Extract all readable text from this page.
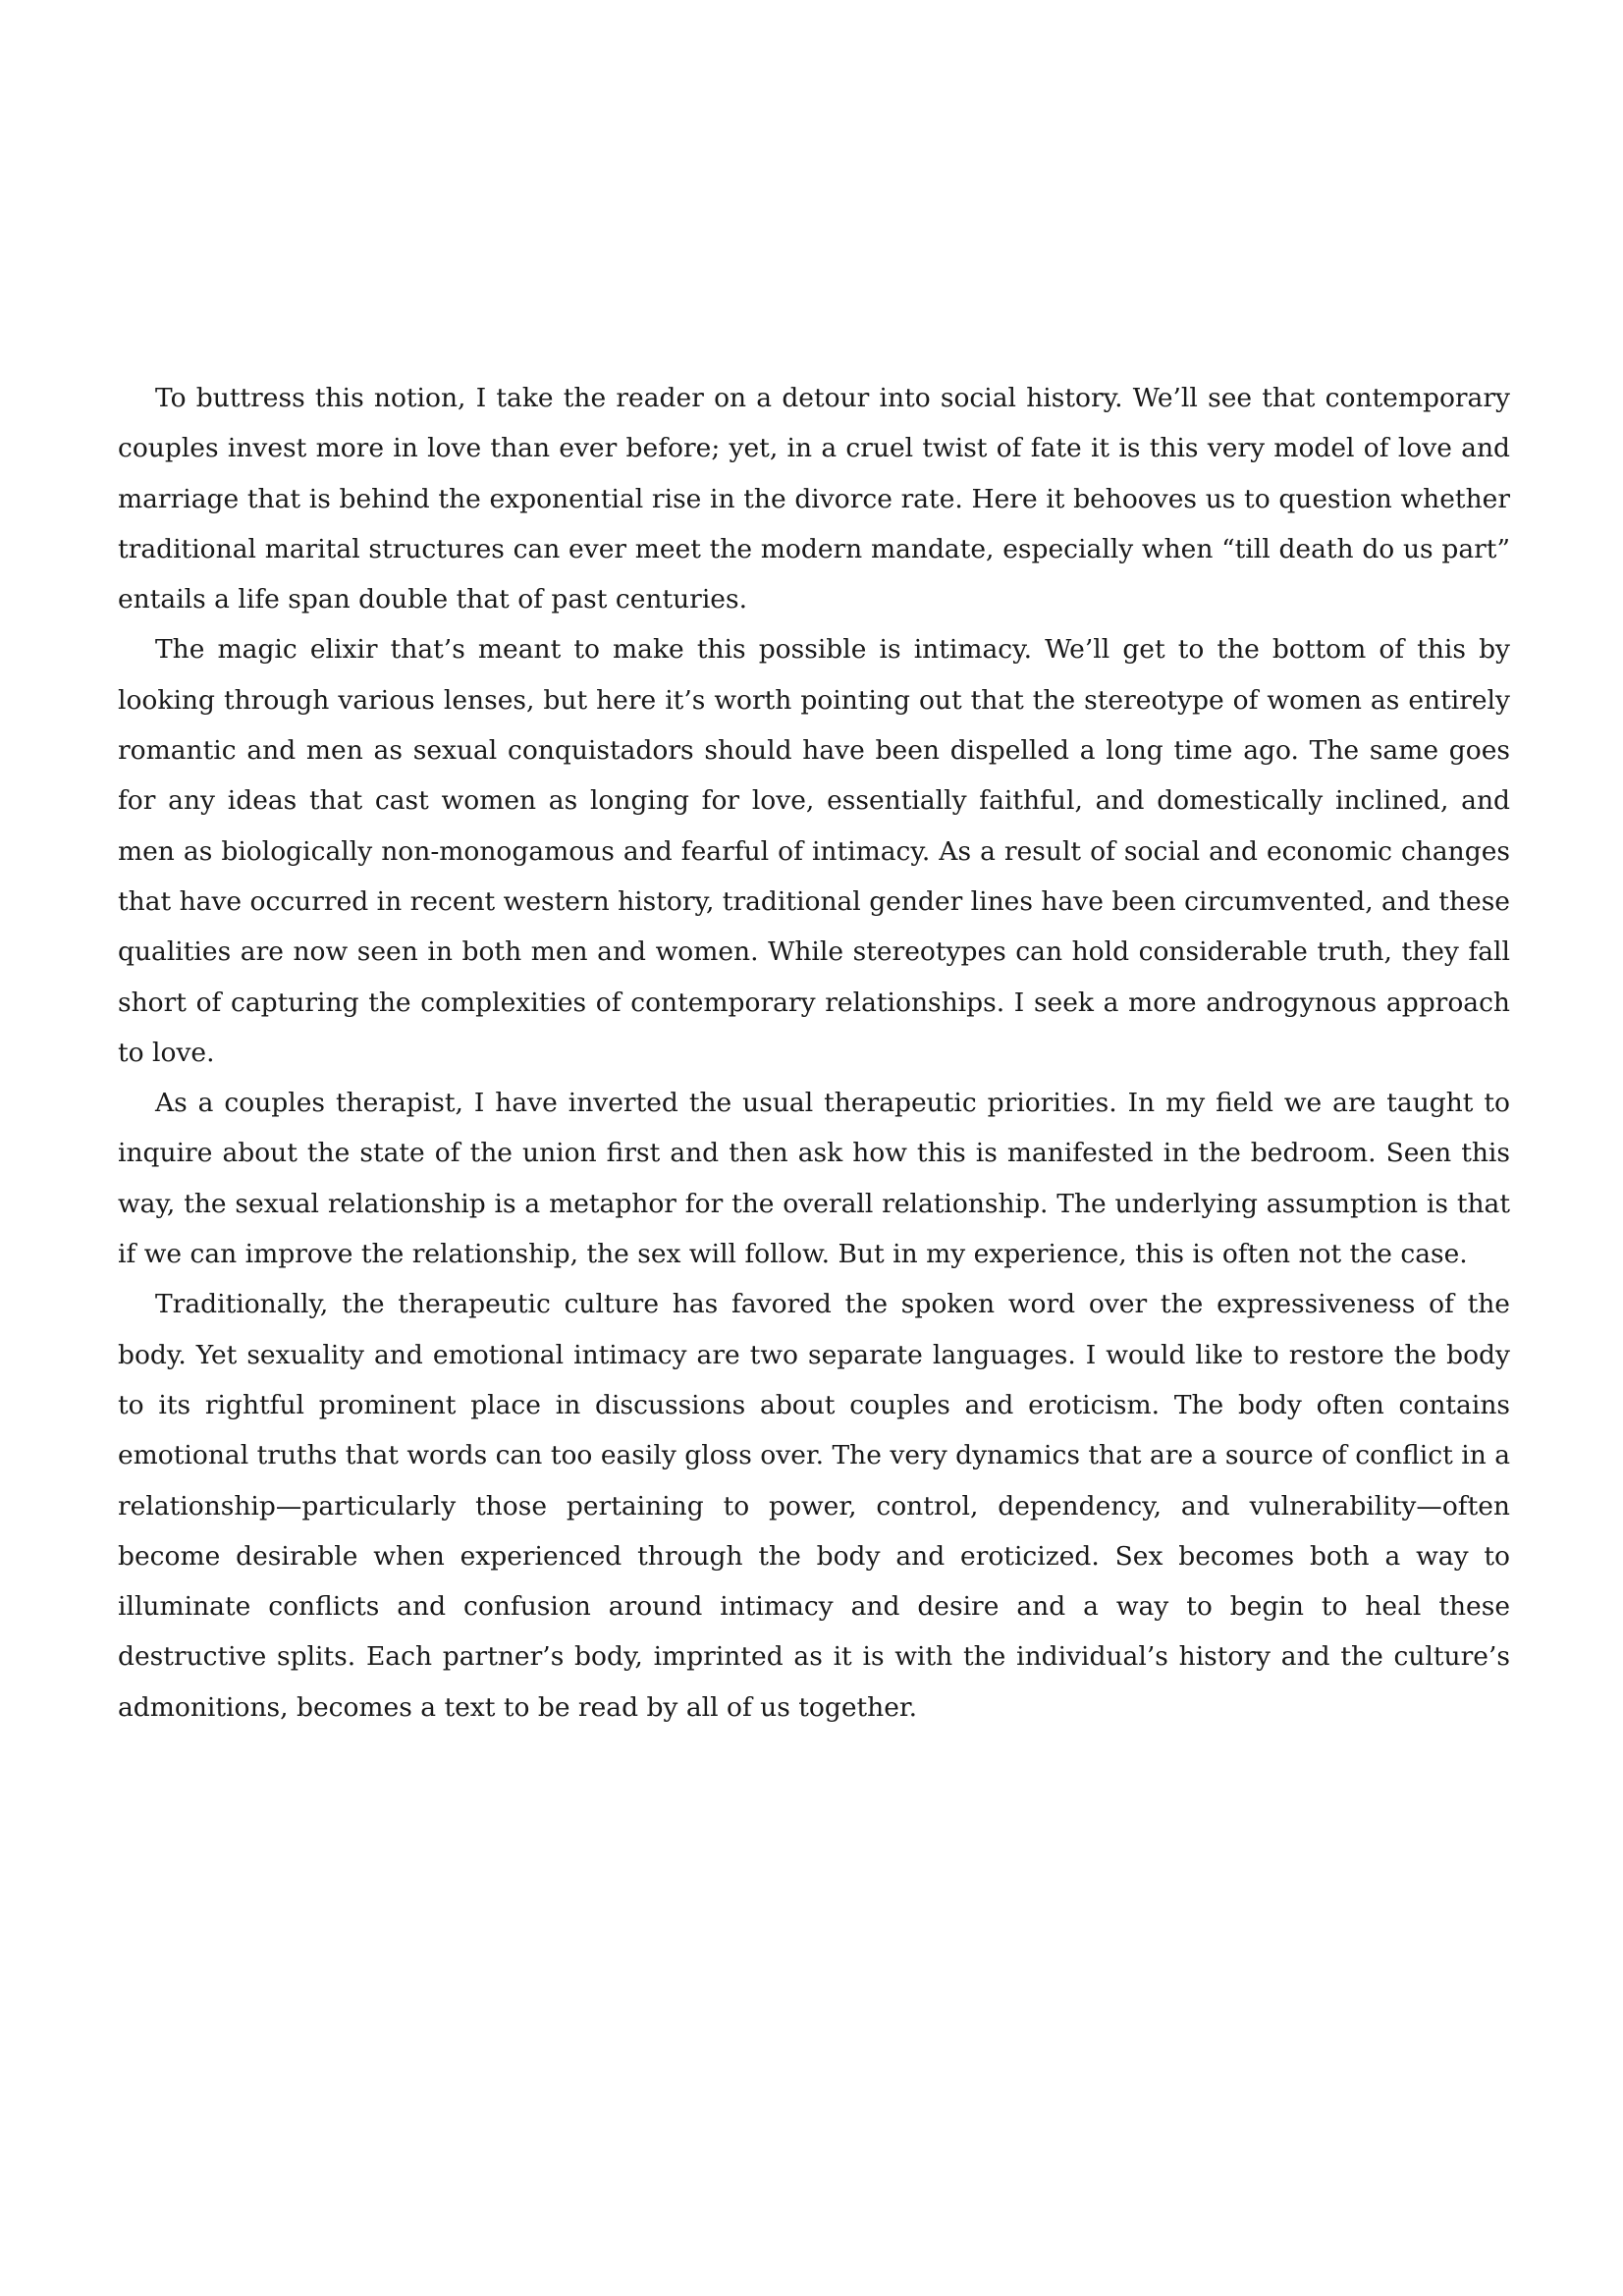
To buttress this notion, I take the reader on a detour into social history. We’ll see that contemporary couples invest more in love than ever before; yet, in a cruel twist of fate it is this very model of love and marriage that is behind the exponential rise in the divorce rate. Here it behooves us to question whether traditional marital structures can ever meet the modern mandate, especially when “till death do us part” entails a life span double that of past centuries.

The magic elixir that’s meant to make this possible is intimacy. We’ll get to the bottom of this by looking through various lenses, but here it’s worth pointing out that the stereotype of women as entirely romantic and men as sexual conquistadors should have been dispelled a long time ago. The same goes for any ideas that cast women as longing for love, essentially faithful, and domestically inclined, and men as biologically non-monogamous and fearful of intimacy. As a result of social and economic changes that have occurred in recent western history, traditional gender lines have been circumvented, and these qualities are now seen in both men and women. While stereotypes can hold considerable truth, they fall short of capturing the complexities of contemporary relationships. I seek a more androgynous approach to love.

As a couples therapist, I have inverted the usual therapeutic priorities. In my field we are taught to inquire about the state of the union first and then ask how this is manifested in the bedroom. Seen this way, the sexual relationship is a metaphor for the overall relationship. The underlying assumption is that if we can improve the relationship, the sex will follow. But in my experience, this is often not the case.

Traditionally, the therapeutic culture has favored the spoken word over the expressiveness of the body. Yet sexuality and emotional intimacy are two separate languages. I would like to restore the body to its rightful prominent place in discussions about couples and eroticism. The body often contains emotional truths that words can too easily gloss over. The very dynamics that are a source of conflict in a relationship—particularly those pertaining to power, control, dependency, and vulnerability—often become desirable when experienced through the body and eroticized. Sex becomes both a way to illuminate conflicts and confusion around intimacy and desire and a way to begin to heal these destructive splits. Each partner’s body, imprinted as it is with the individual’s history and the culture’s admonitions, becomes a text to be read by all of us together.
